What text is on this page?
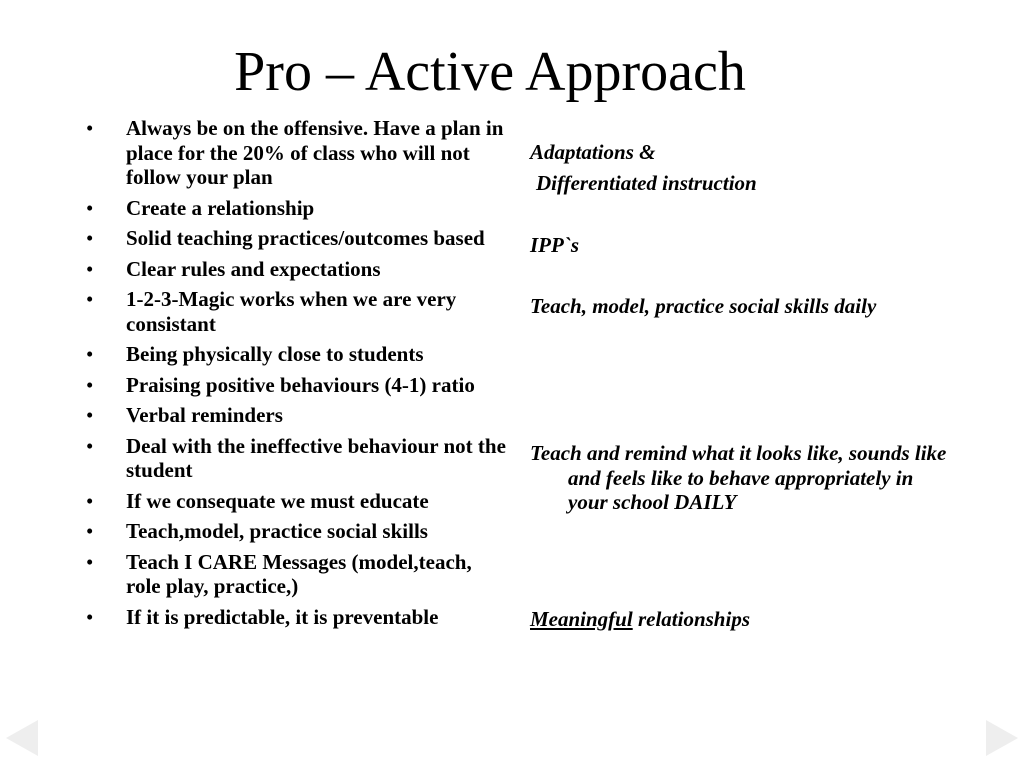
Pro – Active Approach
• Always be on the offensive. Have a plan in place for the 20% of class who will not follow your plan
• Create a relationship
• Solid teaching practices/outcomes based
• Clear rules and expectations
• 1-2-3-Magic works when we are very consistant
• Being physically close to students
• Praising positive behaviours (4-1) ratio
• Verbal reminders
• Deal with the ineffective behaviour not the student
• If we consequate we must educate
• Teach,model, practice social skills
• Teach I CARE Messages (model,teach, role play, practice,)
• If it is predictable, it is preventable

Adaptations &

Differentiated instruction

IPP`s

Teach, model, practice social skills daily

Teach and remind what it looks like, sounds like and feels like to behave appropriately in your school DAILY

Meaningful relationships
